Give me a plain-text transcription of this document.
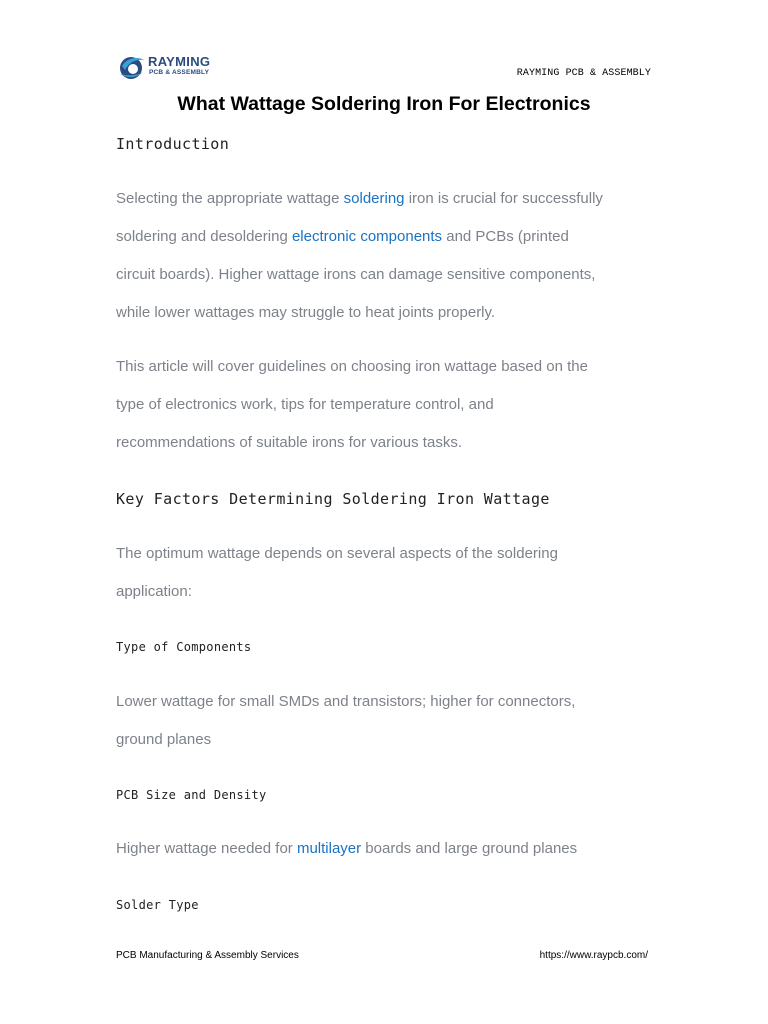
RAYMING
PCB & ASSEMBLY	RAYMING PCB & ASSEMBLY
What Wattage Soldering Iron For Electronics
Introduction
Selecting the appropriate wattage soldering iron is crucial for successfully
soldering and desoldering electronic components and PCBs (printed
circuit boards). Higher wattage irons can damage sensitive components,
while lower wattages may struggle to heat joints properly.
This article will cover guidelines on choosing iron wattage based on the
type of electronics work, tips for temperature control, and
recommendations of suitable irons for various tasks.
Key Factors Determining Soldering Iron Wattage
The optimum wattage depends on several aspects of the soldering
application:
Type of Components
Lower wattage for small SMDs and transistors; higher for connectors,
ground planes
PCB Size and Density
Higher wattage needed for multilayer boards and large ground planes
Solder Type
PCB Manufacturing & Assembly Services	https://www.raypcb.com/
